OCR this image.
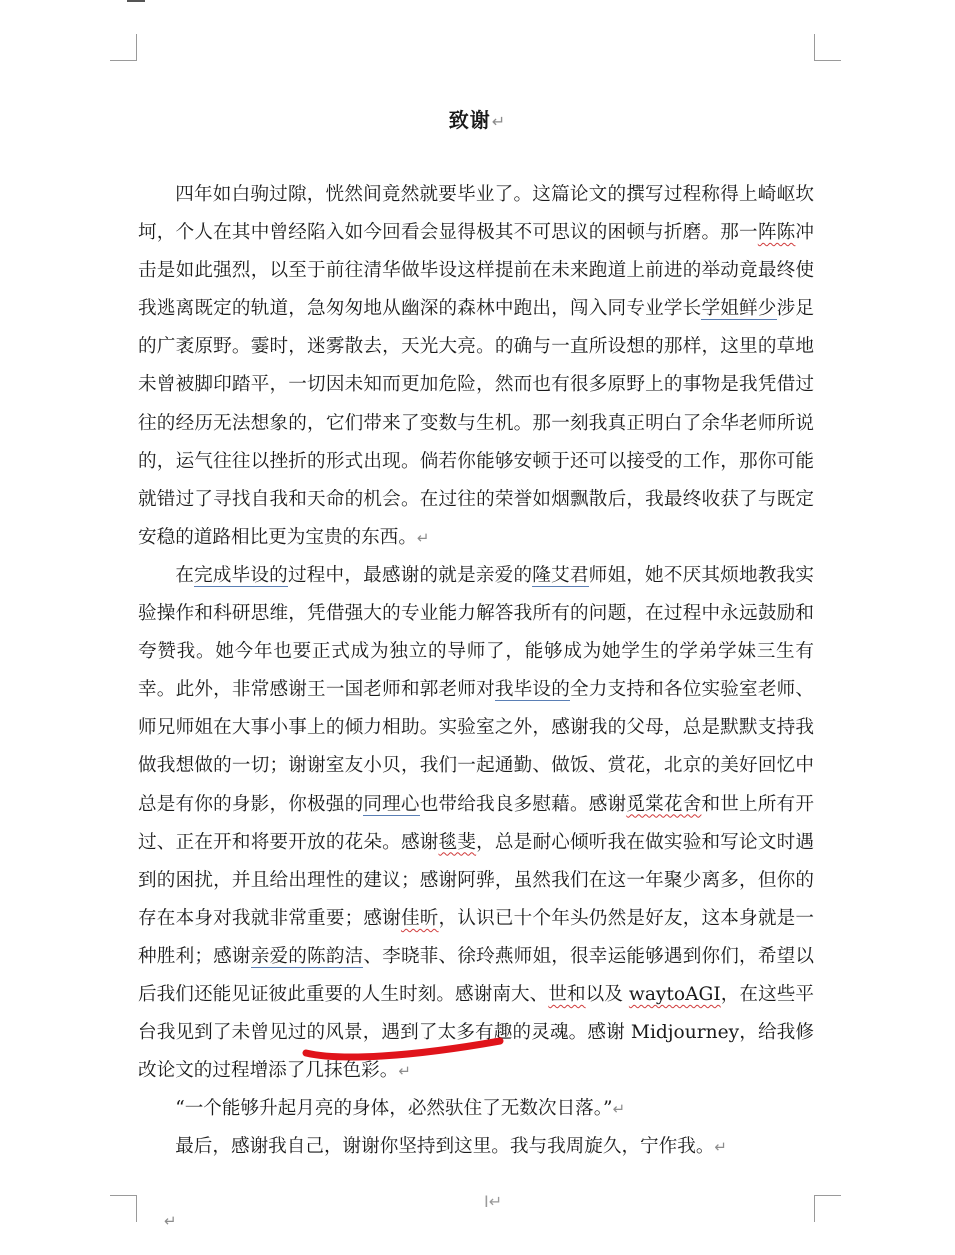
致谢↵

四年如白驹过隙，恍然间竟然就要毕业了。这篇论文的撰写过程称得上崎岖坎坷，个人在其中曾经陷入如今回看会显得极其不可思议的困顿与折磨。那一阵陈冲击是如此强烈，以至于前往清华做毕设这样提前在未来跑道上前进的举动竟最终使我逃离既定的轨道，急匆匆地从幽深的森林中跑出，闯入同专业学长学姐鲜少涉足的广袤原野。霎时，迷雾散去，天光大亮。的确与一直所设想的那样，这里的草地未曾被脚印踏平，一切因未知而更加危险，然而也有很多原野上的事物是我凭借过往的经历无法想象的，它们带来了变数与生机。那一刻我真正明白了余华老师所说的，运气往往以挫折的形式出现。倘若你能够安顿于还可以接受的工作，那你可能就错过了寻找自我和天命的机会。在过往的荣誉如烟飘散后，我最终收获了与既定安稳的道路相比更为宝贵的东西。↵

在完成毕设的过程中，最感谢的就是亲爱的隆艾君师姐，她不厌其烦地教我实验操作和科研思维，凭借强大的专业能力解答我所有的问题，在过程中永远鼓励和夸赞我。她今年也要正式成为独立的导师了，能够成为她学生的学弟学妹三生有幸。此外，非常感谢王一国老师和郭老师对我毕设的全力支持和各位实验室老师、师兄师姐在大事小事上的倾力相助。实验室之外，感谢我的父母，总是默默支持我做我想做的一切；谢谢室友小贝，我们一起通勤、做饭、赏花，北京的美好回忆中总是有你的身影，你极强的同理心也带给我良多慰藉。感谢觅棠花舍和世上所有开过、正在开和将要开放的花朵。感谢毯斐，总是耐心倾听我在做实验和写论文时遇到的困扰，并且给出理性的建议；感谢阿骅，虽然我们在这一年聚少离多，但你的存在本身对我就非常重要；感谢佳昕，认识已十个年头仍然是好友，这本身就是一种胜利；感谢亲爱的陈韵洁、李晓菲、徐玲燕师姐，很幸运能够遇到你们，希望以后我们还能见证彼此重要的人生时刻。感谢南大、世和以及 waytoAGI，在这些平台我见到了未曾见过的风景，遇到了太多有趣的灵魂。感谢 Midjourney，给我修改论文的过程增添了几抹色彩。↵

“一个能够升起月亮的身体，必然驮住了无数次日落。”↵

最后，感谢我自己，谢谢你坚持到这里。我与我周旋久，宁作我。↵

I↵
↵
